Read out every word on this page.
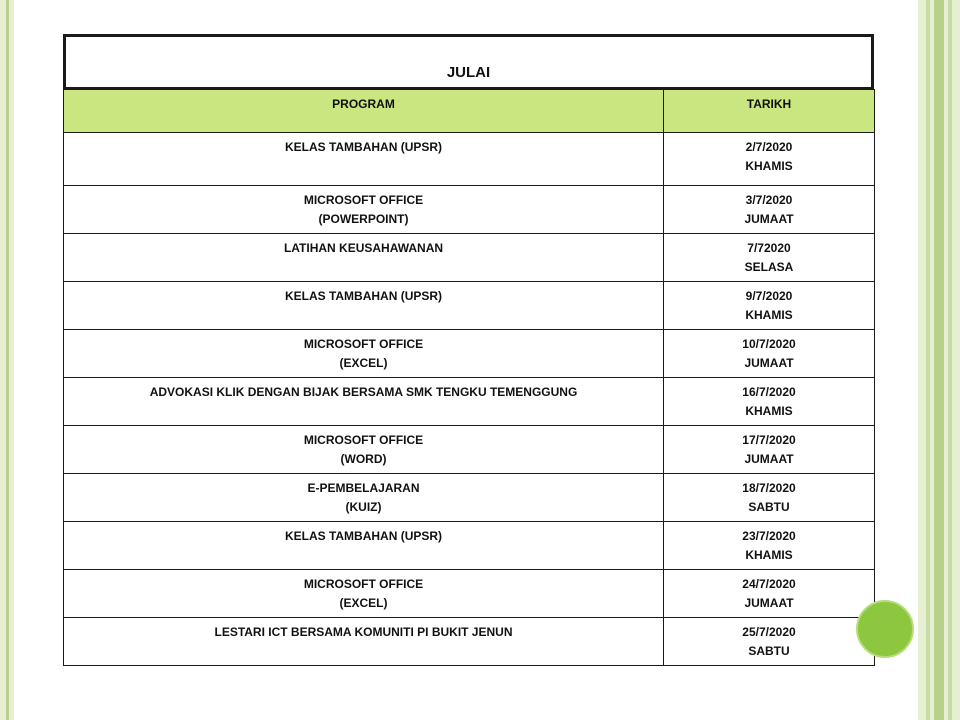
JULAI
PROGRAM	TARIKH

KELAS TAMBAHAN (UPSR)	2/7/2020
KHAMIS

MICROSOFT OFFICE
(POWERPOINT)	3/7/2020
JUMAAT

LATIHAN KEUSAHAWANAN	7/72020
SELASA

KELAS TAMBAHAN (UPSR)	9/7/2020
KHAMIS

MICROSOFT OFFICE
(EXCEL)	10/7/2020
JUMAAT

ADVOKASI KLIK DENGAN BIJAK BERSAMA SMK TENGKU TEMENGGUNG	16/7/2020
KHAMIS

MICROSOFT OFFICE
(WORD)	17/7/2020
JUMAAT

E-PEMBELAJARAN
(KUIZ)	18/7/2020
SABTU

KELAS TAMBAHAN (UPSR)	23/7/2020
KHAMIS

MICROSOFT OFFICE
(EXCEL)	24/7/2020
JUMAAT

LESTARI ICT BERSAMA KOMUNITI PI BUKIT JENUN	25/7/2020
SABTU
